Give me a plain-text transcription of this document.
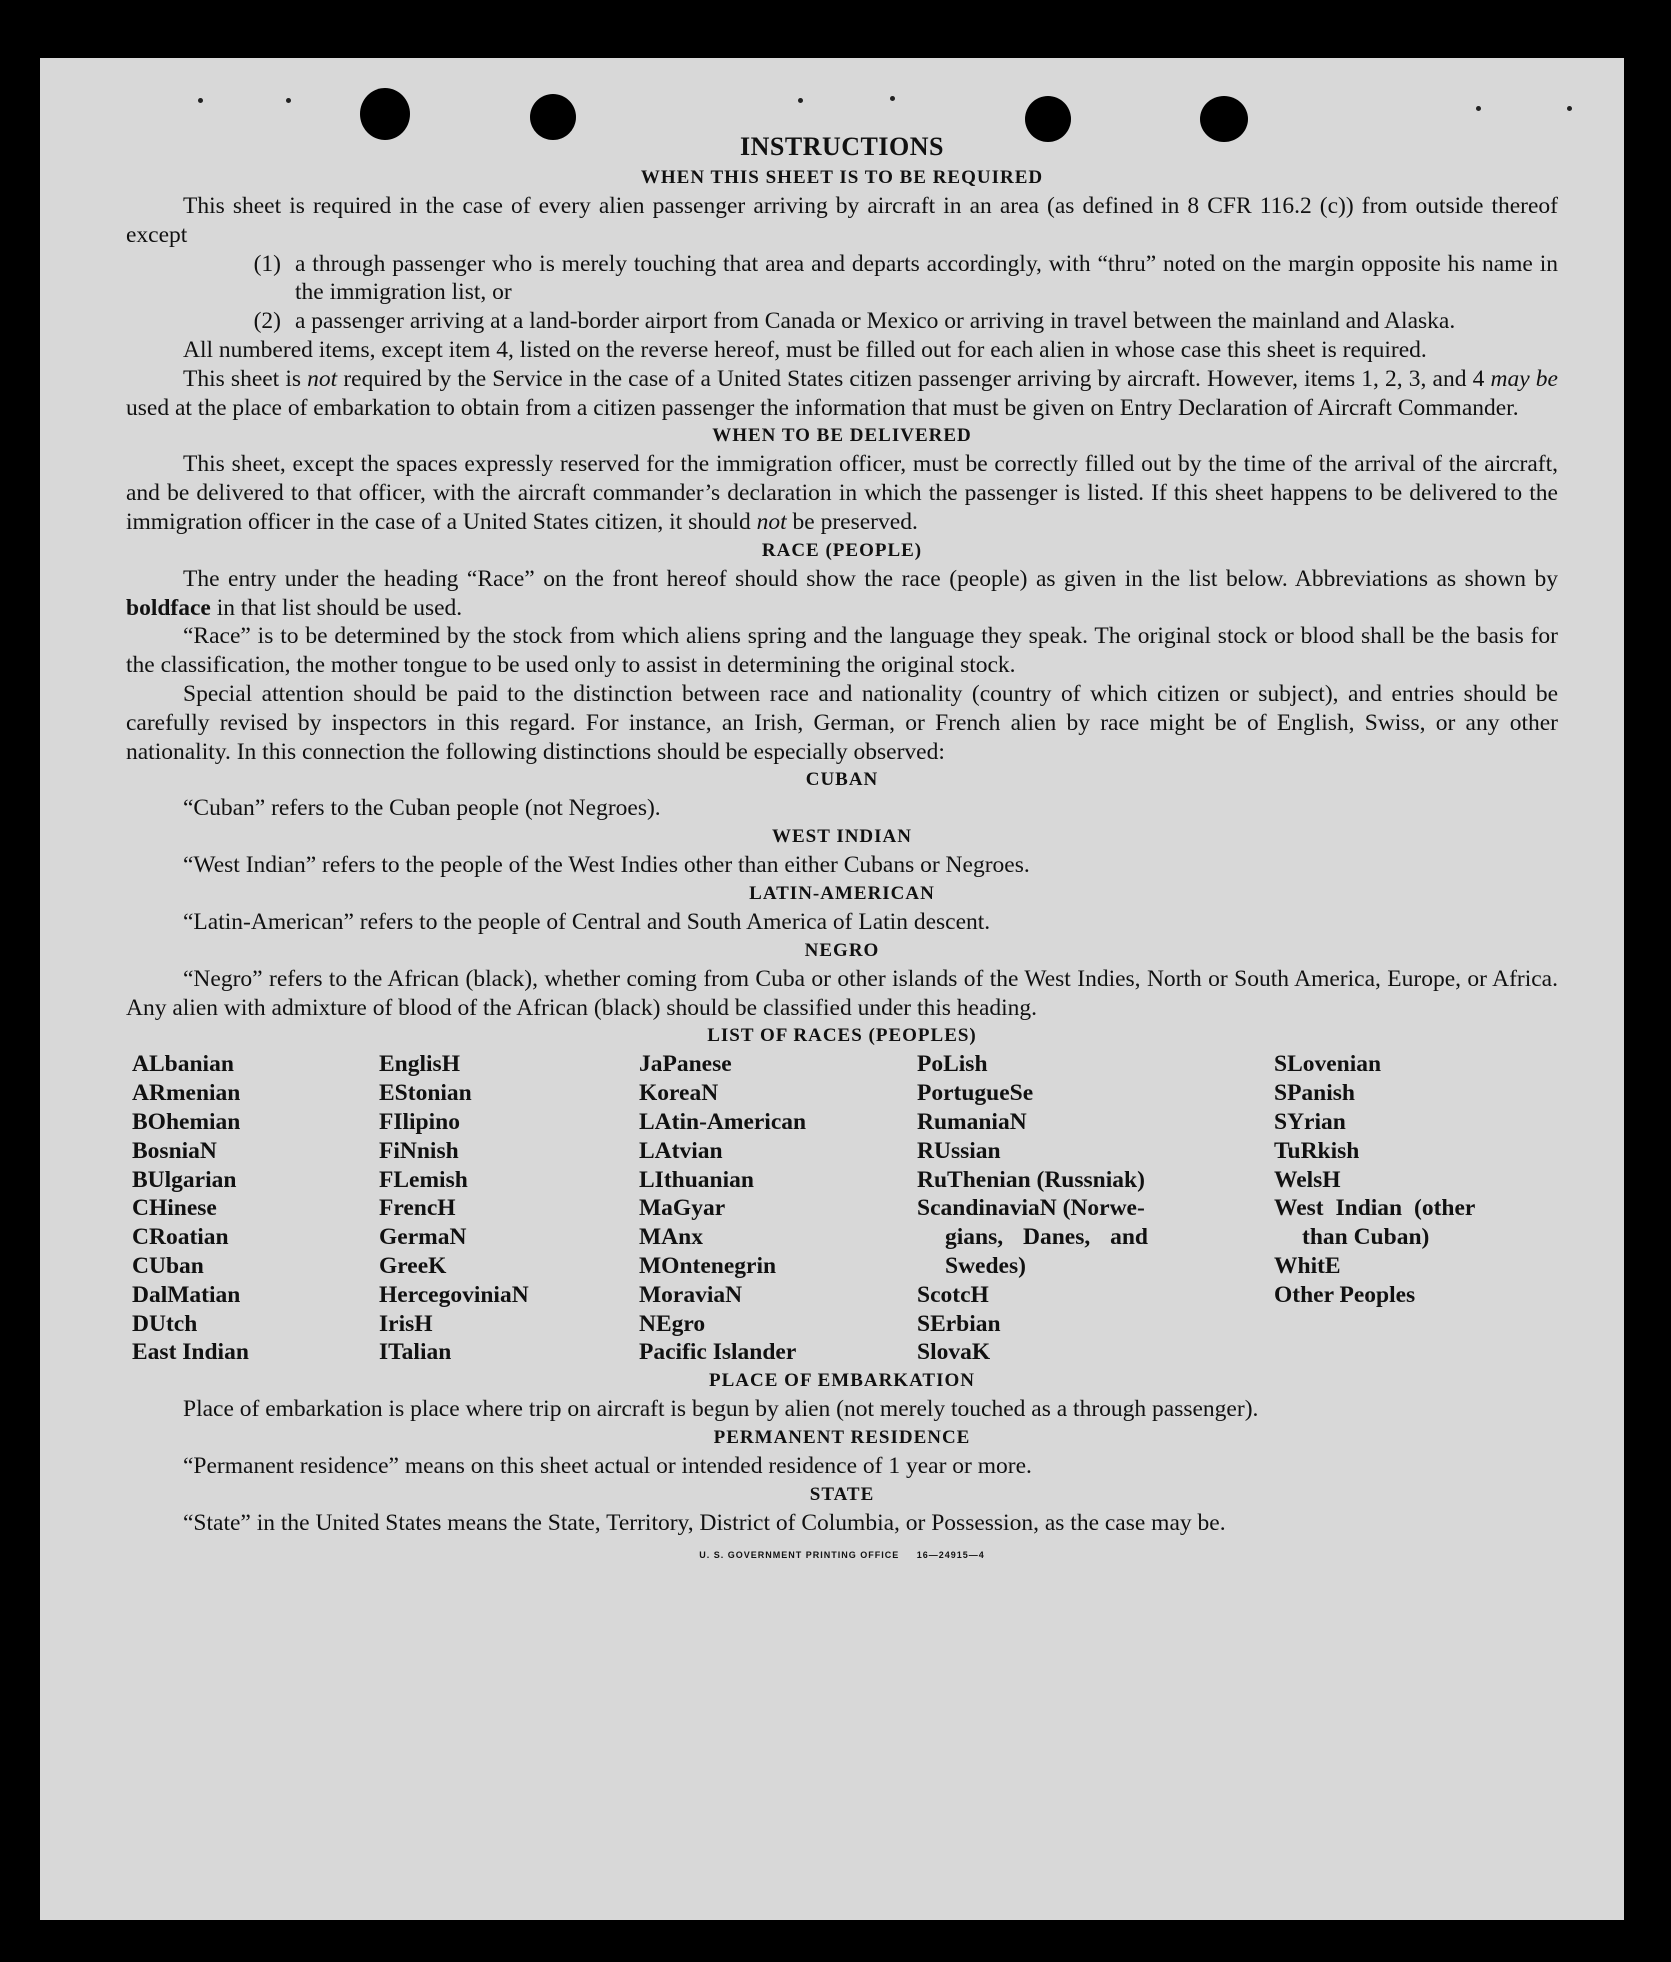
INSTRUCTIONS
WHEN THIS SHEET IS TO BE REQUIRED

This sheet is required in the case of every alien passenger arriving by aircraft in an area (as defined in 8 CFR 116.2 (c)) from outside thereof except

(1) a through passenger who is merely touching that area and departs accordingly, with “thru” noted on the margin opposite his name in the immigration list, or
(2) a passenger arriving at a land-border airport from Canada or Mexico or arriving in travel between the mainland and Alaska.

All numbered items, except item 4, listed on the reverse hereof, must be filled out for each alien in whose case this sheet is required.

This sheet is not required by the Service in the case of a United States citizen passenger arriving by aircraft. However, items 1, 2, 3, and 4 may be used at the place of embarkation to obtain from a citizen passenger the information that must be given on Entry Declaration of Aircraft Commander.

WHEN TO BE DELIVERED

This sheet, except the spaces expressly reserved for the immigration officer, must be correctly filled out by the time of the arrival of the aircraft, and be delivered to that officer, with the aircraft commander’s declaration in which the passenger is listed. If this sheet happens to be delivered to the immigration officer in the case of a United States citizen, it should not be preserved.

RACE (PEOPLE)

The entry under the heading “Race” on the front hereof should show the race (people) as given in the list below. Abbreviations as shown by boldface in that list should be used.

“Race” is to be determined by the stock from which aliens spring and the language they speak. The original stock or blood shall be the basis for the classification, the mother tongue to be used only to assist in determining the original stock.

Special attention should be paid to the distinction between race and nationality (country of which citizen or subject), and entries should be carefully revised by inspectors in this regard. For instance, an Irish, German, or French alien by race might be of English, Swiss, or any other nationality. In this connection the following distinctions should be especially observed:

CUBAN

“Cuban” refers to the Cuban people (not Negroes).

WEST INDIAN

“West Indian” refers to the people of the West Indies other than either Cubans or Negroes.

LATIN-AMERICAN

“Latin-American” refers to the people of Central and South America of Latin descent.

NEGRO

“Negro” refers to the African (black), whether coming from Cuba or other islands of the West Indies, North or South America, Europe, or Africa. Any alien with admixture of blood of the African (black) should be classified under this heading.

LIST OF RACES (PEOPLES)
ALbanian
ARmenian
BOhemian
BosniaN
BUlgarian
CHinese
CRoatian
CUban
DalMatian
DUtch
East Indian
EnglisH
EStonian
FIlipino
FiNnish
FLemish
FrencH
GermaN
GreeK
HercegoviniaN
IrisH
ITalian
JaPanese
KoreaN
LAtin-American
LAtvian
LIthuanian
MaGyar
MAnx
MOntenegrin
MoraviaN
NEgro
Pacific Islander
PoLish
PortugueSe
RumaniaN
RUssian
RuThenian (Russniak)
ScandinaviaN (Norwe-
gians, Danes, and
Swedes)
ScotcH
SErbian
SlovaK
SLovenian
SPanish
SYrian
TuRkish
WelsH
West Indian (other
than Cuban)
WhitE
Other Peoples
PLACE OF EMBARKATION

Place of embarkation is place where trip on aircraft is begun by alien (not merely touched as a through passenger).

PERMANENT RESIDENCE

“Permanent residence” means on this sheet actual or intended residence of 1 year or more.

STATE

“State” in the United States means the State, Territory, District of Columbia, or Possession, as the case may be.

U. S. GOVERNMENT PRINTING OFFICE     16—24915—4
